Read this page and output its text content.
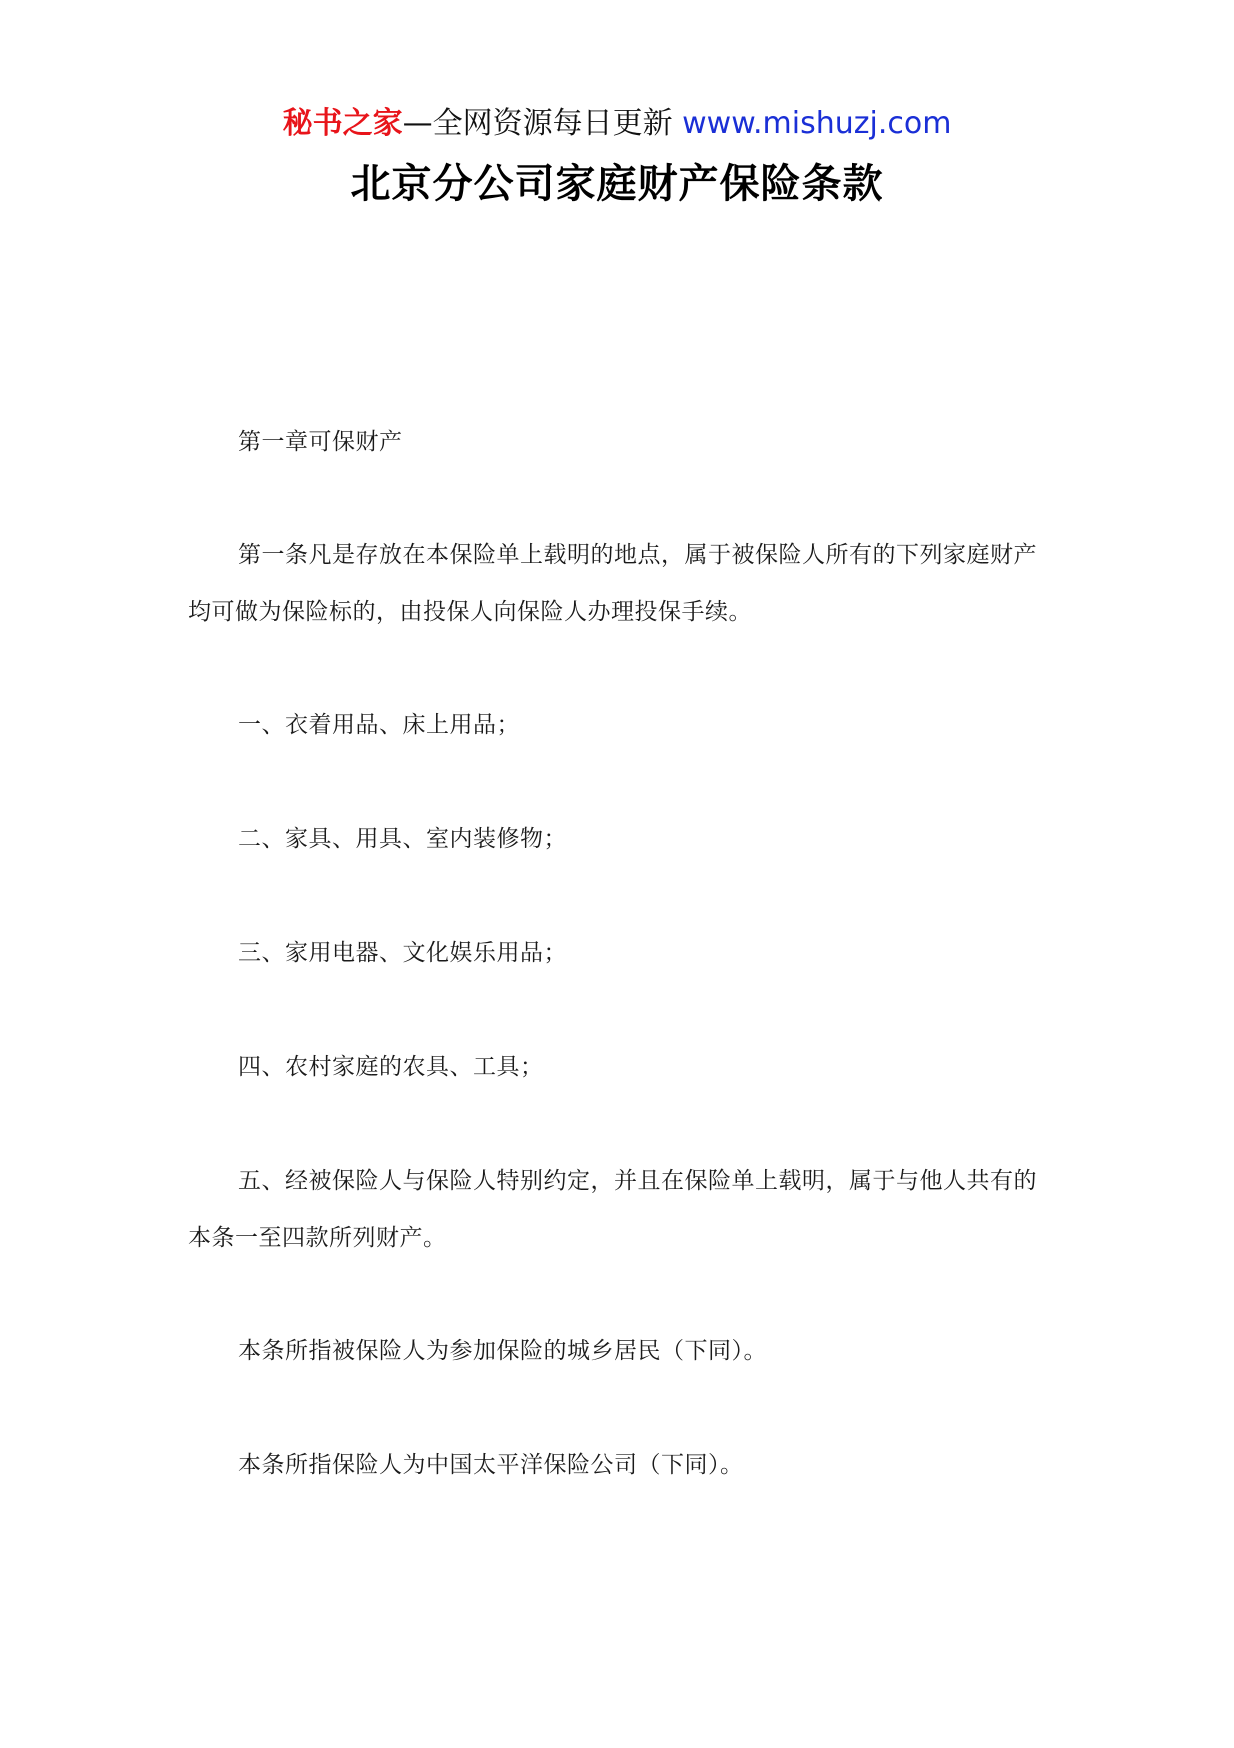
秘书之家—全网资源每日更新 www.mishuzj.com
北京分公司家庭财产保险条款

第一章可保财产

第一条凡是存放在本保险单上载明的地点，属于被保险人所有的下列家庭财产均可做为保险标的，由投保人向保险人办理投保手续。

一、衣着用品、床上用品；

二、家具、用具、室内装修物；

三、家用电器、文化娱乐用品；

四、农村家庭的农具、工具；

五、经被保险人与保险人特别约定，并且在保险单上载明，属于与他人共有的本条一至四款所列财产。

本条所指被保险人为参加保险的城乡居民（下同）。

本条所指保险人为中国太平洋保险公司（下同）。
